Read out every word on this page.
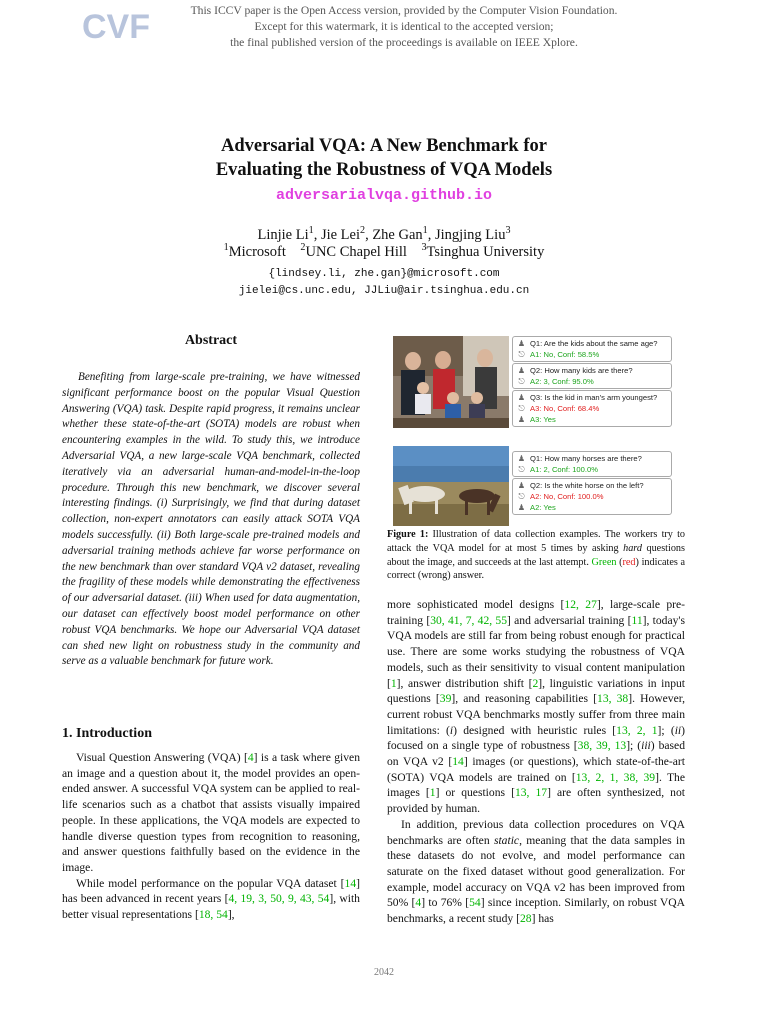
CVF	This ICCV paper is the Open Access version, provided by the Computer Vision Foundation.
Except for this watermark, it is identical to the accepted version;
the final published version of the proceedings is available on IEEE Xplore.
Adversarial VQA: A New Benchmark for
Evaluating the Robustness of VQA Models
adversarialvqa.github.io
Linjie Li$^1$, Jie Lei$^2$, Zhe Gan$^1$, Jingjing Liu$^3$
$^1$Microsoft $^2$UNC Chapel Hill $^3$Tsinghua University
{lindsey.li, zhe.gan}@microsoft.com
jielei@cs.unc.edu, JJLiu@air.tsinghua.edu.cn
Abstract

Benefiting from large-scale pre-training, we have witnessed significant performance boost on the popular Visual Question Answering (VQA) task. Despite rapid progress, it remains unclear whether these state-of-the-art (SOTA) models are robust when encountering examples in the wild. To study this, we introduce Adversarial VQA, a new large-scale VQA benchmark, collected iteratively via an adversarial human-and-model-in-the-loop procedure. Through this new benchmark, we discover several interesting findings. (i) Surprisingly, we find that during dataset collection, non-expert annotators can easily attack SOTA VQA models successfully. (ii) Both large-scale pre-trained models and adversarial training methods achieve far worse performance on the new benchmark than over standard VQA v2 dataset, revealing the fragility of these models while demonstrating the effectiveness of our adversarial dataset. (iii) When used for data augmentation, our dataset can effectively boost model performance on other robust VQA benchmarks. We hope our Adversarial VQA dataset can shed new light on robustness study in the community and serve as a valuable benchmark for future work.

1. Introduction

Visual Question Answering (VQA) [4] is a task where given an image and a question about it, the model provides an open-ended answer. A successful VQA system can be applied to real-life scenarios such as a chatbot that assists visually impaired people. In these applications, the VQA models are expected to handle diverse question types from recognition to reasoning, and answer questions faithfully based on the evidence in the image.

While model performance on the popular VQA dataset [14] has been advanced in recent years [4, 19, 3, 50, 9, 43, 54], with better visual representations [18, 54],

♟ Q1: Are the kids about the same age?
⎋ A1: No, Conf: 58.5%
♟ Q2: How many kids are there?
⎋ A2: 3, Conf: 95.0%
♟ Q3: Is the kid in man's arm youngest?
⎋ A3: No, Conf: 68.4%
♟ A3: Yes
♟ Q1: How many horses are there?
⎋ A1: 2, Conf: 100.0%
♟ Q2: Is the white horse on the left?
⎋ A2: No, Conf: 100.0%
♟ A2: Yes
Figure 1: Illustration of data collection examples. The workers try to attack the VQA model for at most 5 times by asking hard questions about the image, and succeeds at the last attempt. Green (red) indicates a correct (wrong) answer.

more sophisticated model designs [12, 27], large-scale pre-training [30, 41, 7, 42, 55] and adversarial training [11], today's VQA models are still far from being robust enough for practical use. There are some works studying the robustness of VQA models, such as their sensitivity to visual content manipulation [1], answer distribution shift [2], linguistic variations in input questions [39], and reasoning capabilities [13, 38]. However, current robust VQA benchmarks mostly suffer from three main limitations: (i) designed with heuristic rules [13, 2, 1]; (ii) focused on a single type of robustness [38, 39, 13]; (iii) based on VQA v2 [14] images (or questions), which state-of-the-art (SOTA) VQA models are trained on [13, 2, 1, 38, 39]. The images [1] or questions [13, 17] are often synthesized, not provided by human.

In addition, previous data collection procedures on VQA benchmarks are often static, meaning that the data samples in these datasets do not evolve, and model performance can saturate on the fixed dataset without good generalization. For example, model accuracy on VQA v2 has been improved from 50% [4] to 76% [54] since inception. Similarly, on robust VQA benchmarks, a recent study [28] has

2042
